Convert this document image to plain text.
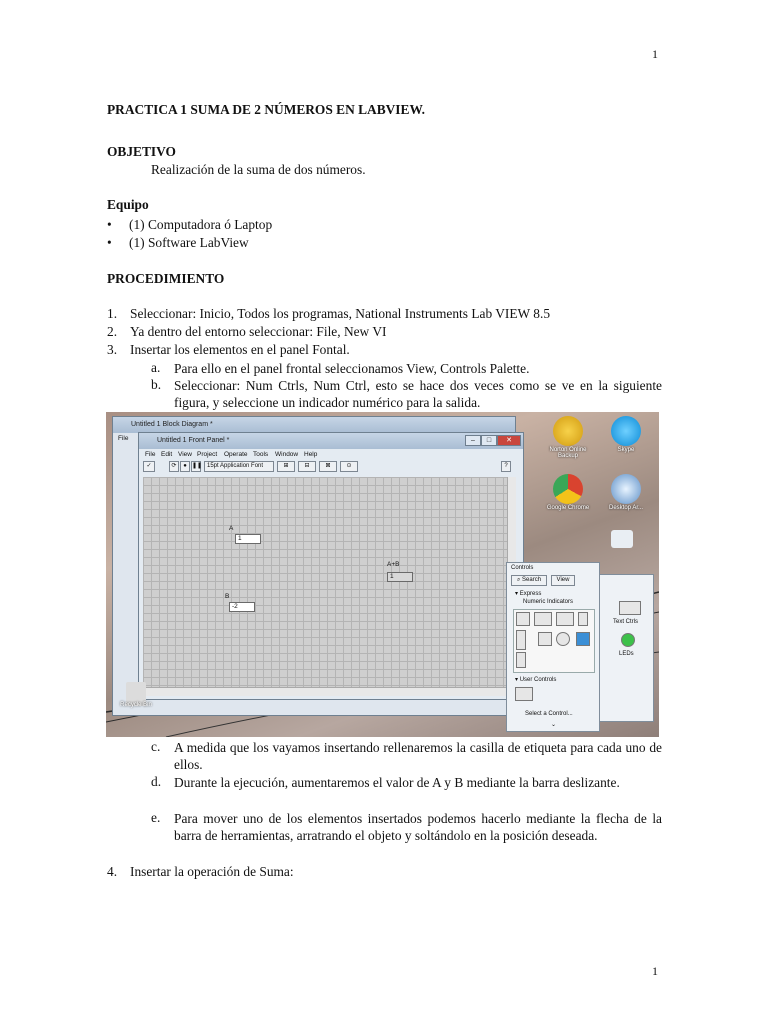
1
1
PRACTICA 1 SUMA DE 2 NÚMEROS EN LABVIEW.
OBJETIVO
Realización de la suma de dos números.
Equipo
• (1) Computadora ó Laptop
• (1) Software LabView
PROCEDIMIENTO
1. Seleccionar: Inicio, Todos los programas, National Instruments Lab VIEW 8.5
2. Ya dentro del entorno seleccionar: File, New VI
3. Insertar los elementos en el panel Fontal.
a. Para ello en el panel frontal seleccionamos View, Controls Palette.
b. Seleccionar: Num Ctrls, Num Ctrl, esto se hace dos veces como se ve en la siguiente figura, y seleccione un indicador numérico para la salida.
Untitled 1 Block Diagram *
File	Untitled 1 Front Panel *	–	□	✕
File Edit View Project Operate Tools Window Help
✓	⟳	● ❚❚ 15pt Application Font	⊞	⊟	⊠	⊙	?
A
1
B
-2
A+B
1
Norton Online Backup
Skype
Google Chrome	Desktop Ar...
Recycle Bin
Text Ctrls
LEDs
Controls
⌕ Search	View
▾ Express
Numeric Indicators
▾ User Controls
Select a Control...
⌄
c. A medida que los vayamos insertando rellenaremos la casilla de etiqueta para cada uno de ellos.
d. Durante la ejecución, aumentaremos el valor de A y B mediante la barra deslizante.
e. Para mover uno de los elementos insertados podemos hacerlo mediante la flecha de la barra de herramientas, arratrando el objeto y soltándolo en la posición deseada.
4. Insertar la operación de Suma:
